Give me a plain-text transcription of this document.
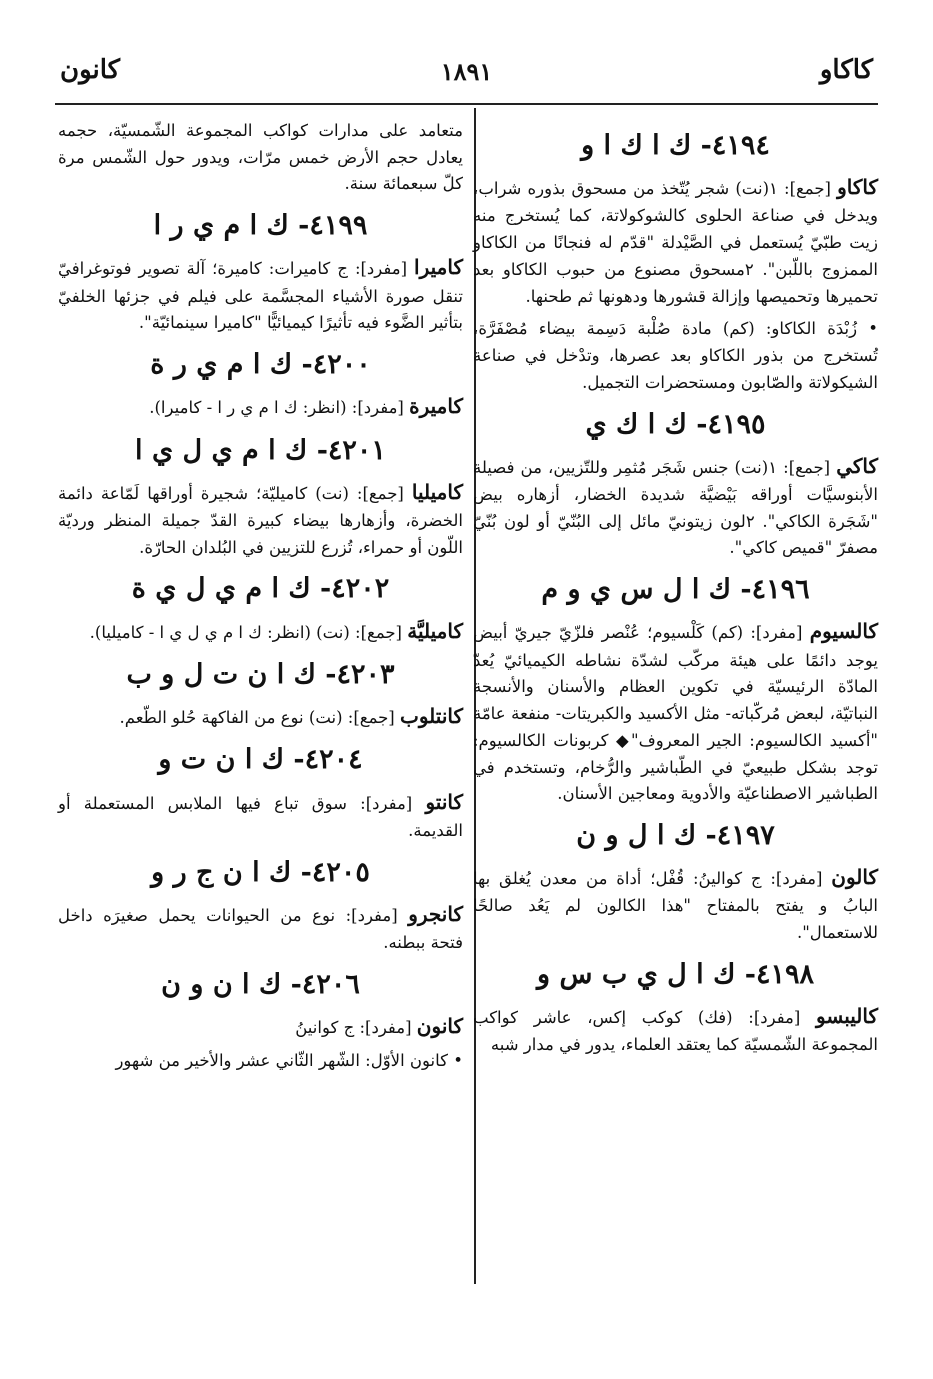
كاكاو
١٨٩١
كانون
٤١٩٤- ك ا ك ا و

كاكاو [جمع]: ١(نت) شجر يُتّخذ من مسحوق بذوره شراب، ويدخل في صناعة الحلوى كالشوكولاتة، كما يُستخرج منه زيت طبّيّ يُستعمل في الصَّيْدلة "قدّم له فنجانًا من الكاكاو الممزوج باللّبن". ٢مسحوق مصنوع من حبوب الكاكاو بعد تحميرها وتحميصها وإزالة قشورها ودهونها ثم طحنها.

• زُبْدَة الكاكاو: (كم) مادة صُلْبة دَسِمة بيضاء مُصْفَرَّة، تُستخرج من بذور الكاكاو بعد عصرها، وتدْخل في صناعة الشيكولاتة والصّابون ومستحضرات التجميل.

٤١٩٥- ك ا ك ي

كاكي [جمع]: ١(نت) جنس شَجَر مُثمِر وللتّزيين، من فصيلة الأبنوسيَّات أوراقه بَيْضيَّة شديدة الخضار، أزهاره بيض "شَجَرة الكاكي". ٢لون زيتونيّ مائل إلى البُنّيّ أو لون بُنّيّ مصفرّ "قميص كاكي".

٤١٩٦- ك ا ل س ي و م

كالسيوم [مفرد]: (كم) كَلْسيوم؛ عُنْصر فلزّيّ جيريّ أبيض يوجد دائمًا على هيئة مركّب لشدّة نشاطه الكيميائيّ يُعدّ المادّة الرئيسيّة في تكوين العظام والأسنان والأنسجة النباتيّة، لبعض مُركّباته- مثل الأكسيد والكبريتات- منفعة عامّة "أكسيد الكالسيوم: الجير المعروف"◆ كربونات الكالسيوم: توجد بشكل طبيعيّ في الطّباشير والرُّخام، وتستخدم في الطباشير الاصطناعيّة والأدوية ومعاجين الأسنان.

٤١٩٧- ك ا ل و ن

كالون [مفرد]: ج كوالينُ: قُفْل؛ أداة من معدن يُغلق بها البابُ و يفتح بالمفتاح "هذا الكالون لم يَعُد صالحًا للاستعمال".

٤١٩٨- ك ا ل ي ب س و

كاليبسو [مفرد]: (فك) كوكب إكس، عاشر كواكب المجموعة الشّمسيّة كما يعتقد العلماء، يدور في مدار شبه

متعامد على مدارات كواكب المجموعة الشّمسيّة، حجمه يعادل حجم الأرض خمس مرّات، ويدور حول الشّمس مرة كلّ سبعمائة سنة.

٤١٩٩- ك ا م ي ر ا

كاميرا [مفرد]: ج كاميرات: كاميرة؛ آلة تصوير فوتوغرافيّ تنقل صورة الأشياء المجسَّمة على فيلم في جزئها الخلفيّ بتأثير الضَّوء فيه تأثيرًا كيميائيًّا "كاميرا سينمائيّة".

٤٢٠٠- ك ا م ي ر ة

كاميرة [مفرد]: (انظر: ك ا م ي ر ا - كاميرا).

٤٢٠١- ك ا م ي ل ي ا

كاميليا [جمع]: (نت) كاميليّة؛ شجيرة أوراقها لَمّاعة دائمة الخضرة، وأزهارها بيضاء كبيرة القدّ جميلة المنظر ورديّة اللّون أو حمراء، تُزرع للتزيين في البُلدان الحارّة.

٤٢٠٢- ك ا م ي ل ي ة

كاميليَّة [جمع]: (نت) (انظر: ك ا م ي ل ي ا - كاميليا).

٤٢٠٣- ك ا ن ت ل و ب

كانتلوب [جمع]: (نت) نوع من الفاكهة حُلو الطّعم.

٤٢٠٤- ك ا ن ت و

كانتو [مفرد]: سوق تباع فيها الملابس المستعملة أو القديمة.

٤٢٠٥- ك ا ن ج ر و

كانجرو [مفرد]: نوع من الحيوانات يحمل صغيرَه داخل فتحة ببطنه.

٤٢٠٦- ك ا ن و ن

كانون [مفرد]: ج كوانينُ

• كانون الأوّل: الشّهر الثّاني عشر والأخير من شهور
